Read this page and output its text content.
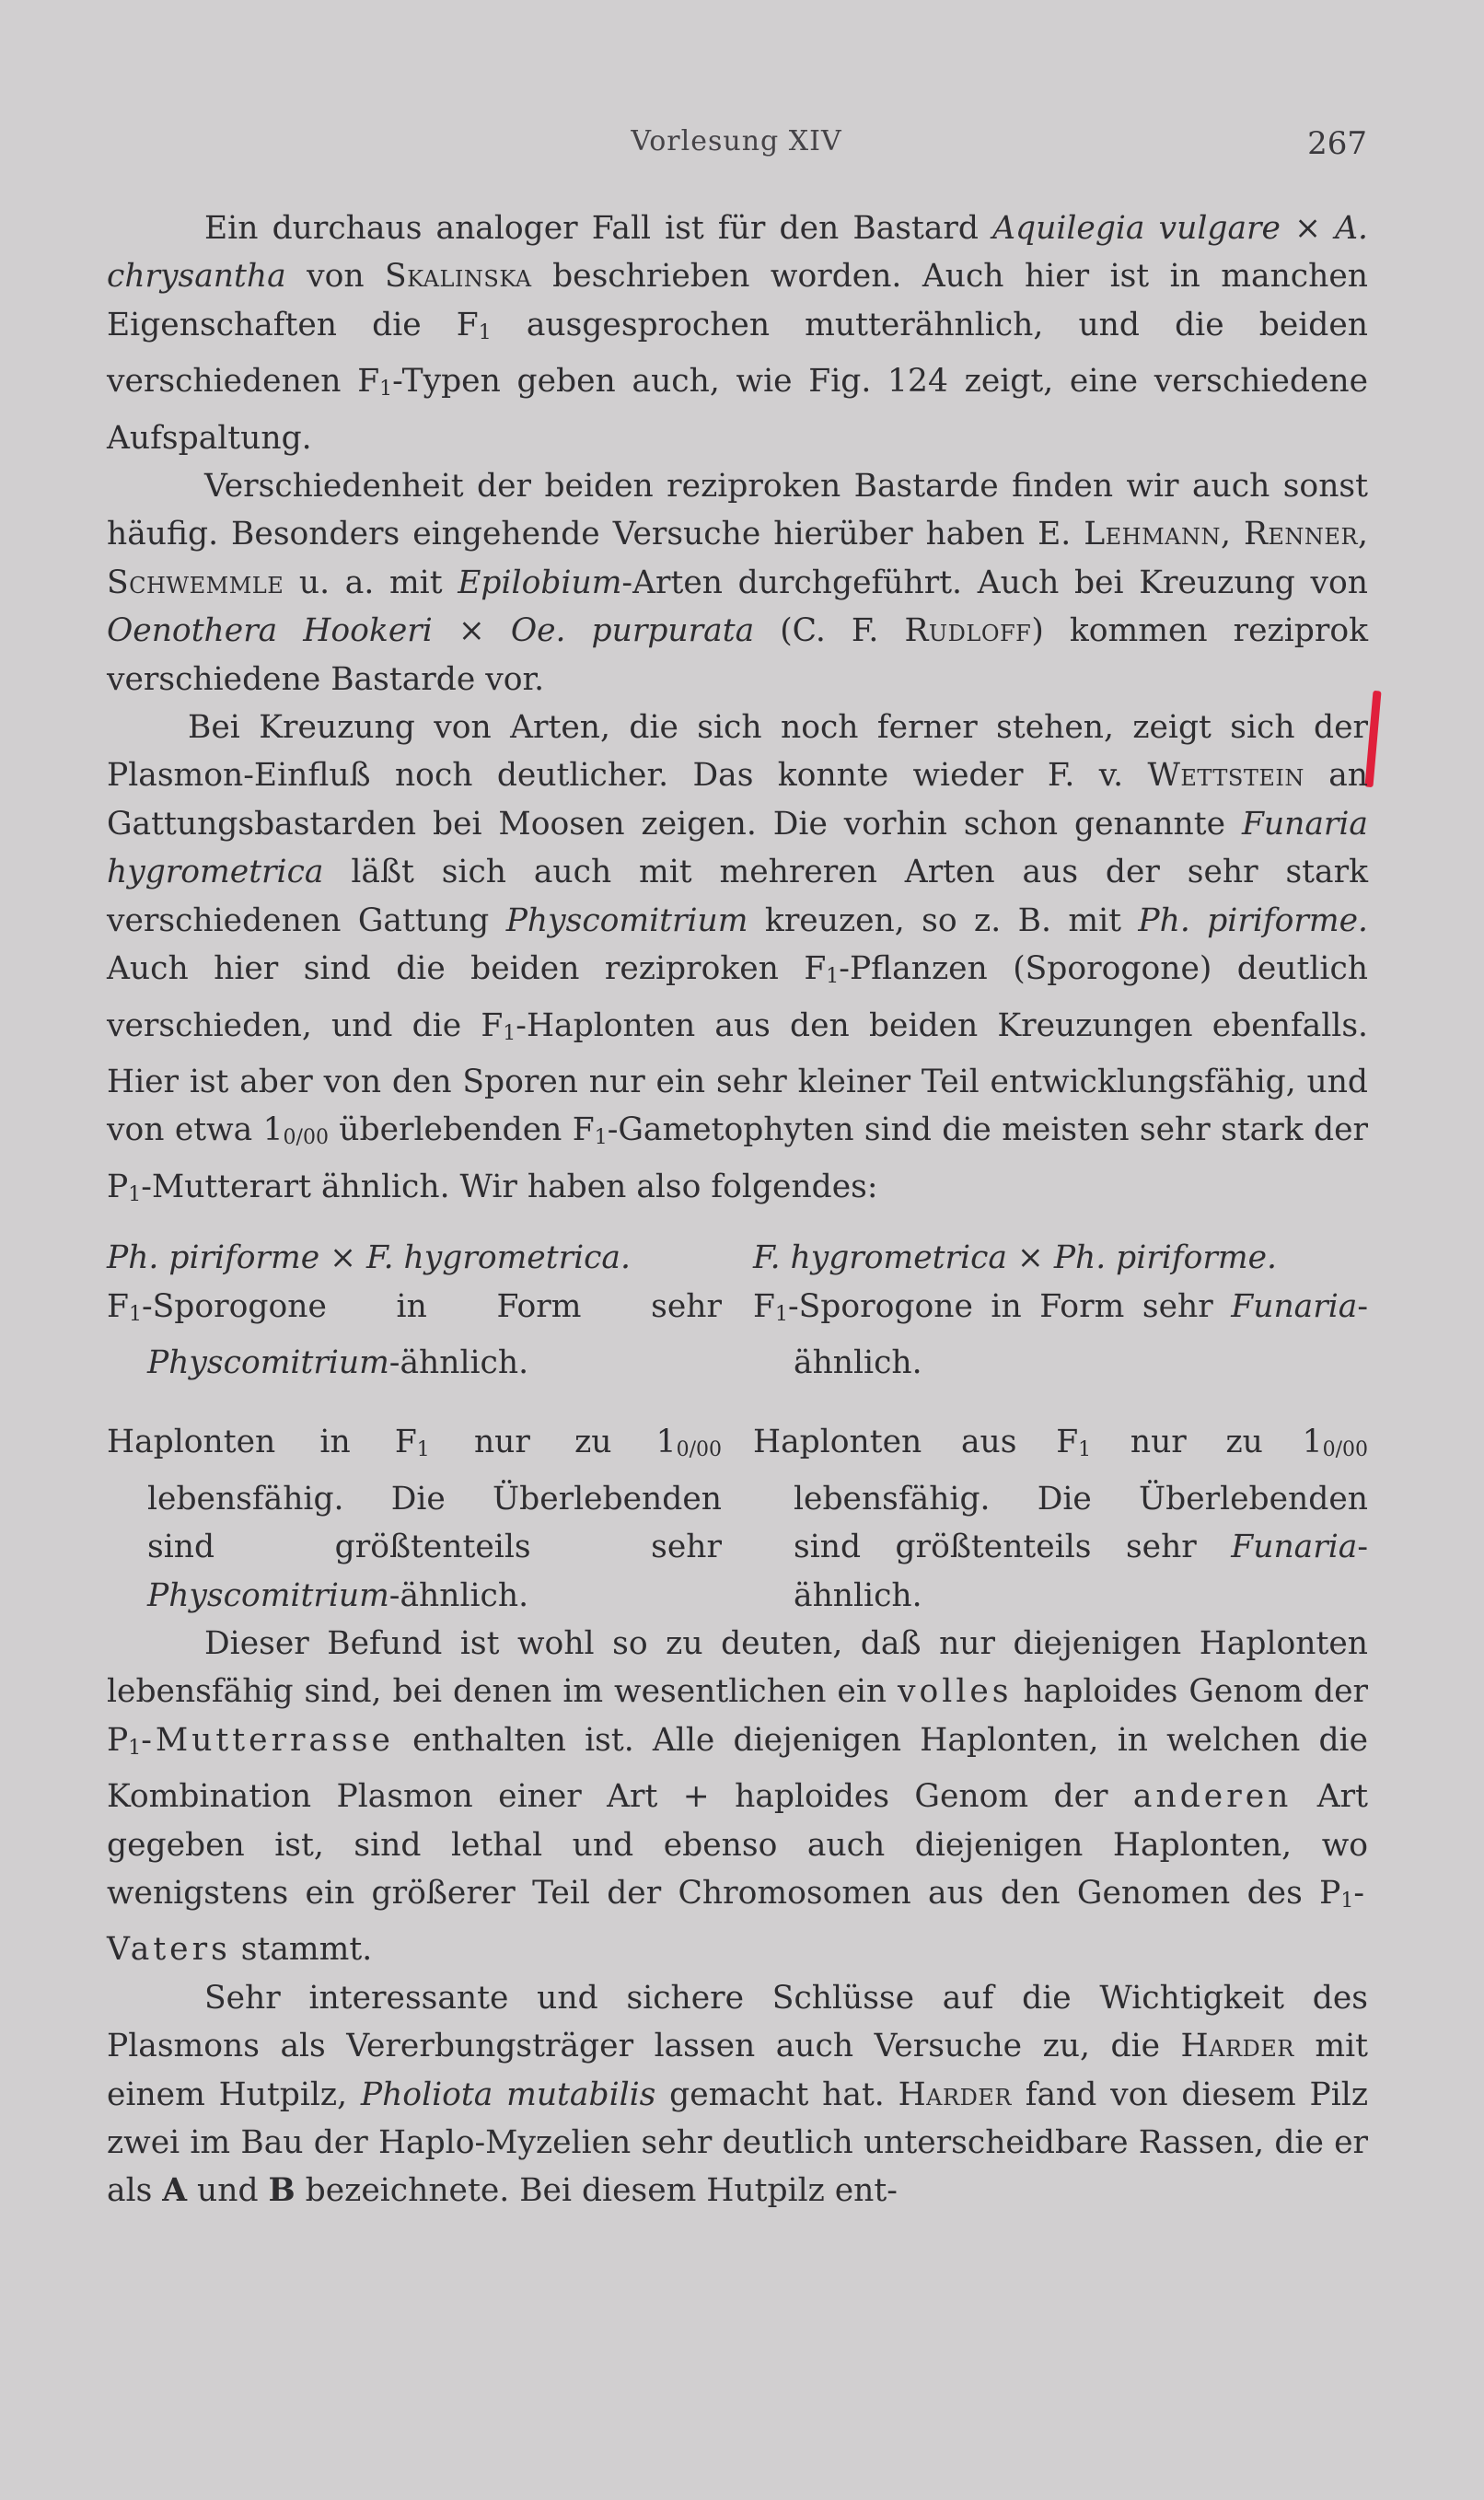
Vorlesung XIV	267

Ein durchaus analoger Fall ist für den Bastard Aquilegia vulgare × A. chrysantha von Skalinska beschrieben worden. Auch hier ist in manchen Eigenschaften die $F_1$ ausgesprochen mutterähnlich, und die beiden verschiedenen $F_1$-Typen geben auch, wie Fig. 124 zeigt, eine verschiedene Aufspaltung.

Verschiedenheit der beiden reziproken Bastarde finden wir auch sonst häufig. Besonders eingehende Versuche hierüber haben E. Lehmann, Renner, Schwemmle u. a. mit Epilobium-Arten durchgeführt. Auch bei Kreuzung von Oenothera Hookeri × Oe. purpurata (C. F. Rudloff) kommen reziprok verschiedene Bastarde vor.

Bei Kreuzung von Arten, die sich noch ferner stehen, zeigt sich der Plasmon-Einfluß noch deutlicher. Das konnte wieder F. v. Wettstein an Gattungsbastarden bei Moosen zeigen. Die vorhin schon genannte Funaria hygrometrica läßt sich auch mit mehreren Arten aus der sehr stark verschiedenen Gattung Physcomitrium kreuzen, so z. B. mit Ph. piriforme. Auch hier sind die beiden reziproken $F_1$-Pflanzen (Sporogone) deutlich verschieden, und die $F_1$-Haplonten aus den beiden Kreuzungen ebenfalls. Hier ist aber von den Sporen nur ein sehr kleiner Teil entwicklungsfähig, und von etwa $1^{0/00}$ überlebenden $F_1$-Gametophyten sind die meisten sehr stark der $P_1$-Mutterart ähnlich. Wir haben also folgendes:

Ph. piriforme × F. hygrometrica.

$F_1$-Sporogone in Form sehr Physcomitrium-ähnlich.

Haplonten in $F_1$ nur zu $1^{0/00}$ lebensfähig. Die Überlebenden sind größtenteils sehr Physcomitrium-ähnlich.

F. hygrometrica × Ph. piriforme.

$F_1$-Sporogone in Form sehr Funaria-ähnlich.

Haplonten aus $F_1$ nur zu $1^{0/00}$ lebensfähig. Die Überlebenden sind größtenteils sehr Funaria-ähnlich.

Dieser Befund ist wohl so zu deuten, daß nur diejenigen Haplonten lebensfähig sind, bei denen im wesentlichen ein volles haploides Genom der $P_1$-Mutterrasse enthalten ist. Alle diejenigen Haplonten, in welchen die Kombination Plasmon einer Art + haploides Genom der anderen Art gegeben ist, sind lethal und ebenso auch diejenigen Haplonten, wo wenigstens ein größerer Teil der Chromosomen aus den Genomen des $P_1$-Vaters stammt.

Sehr interessante und sichere Schlüsse auf die Wichtigkeit des Plasmons als Vererbungsträger lassen auch Versuche zu, die Harder mit einem Hutpilz, Pholiota mutabilis gemacht hat. Harder fand von diesem Pilz zwei im Bau der Haplo-Myzelien sehr deutlich unterscheidbare Rassen, die er als A und B bezeichnete. Bei diesem Hutpilz ent-
